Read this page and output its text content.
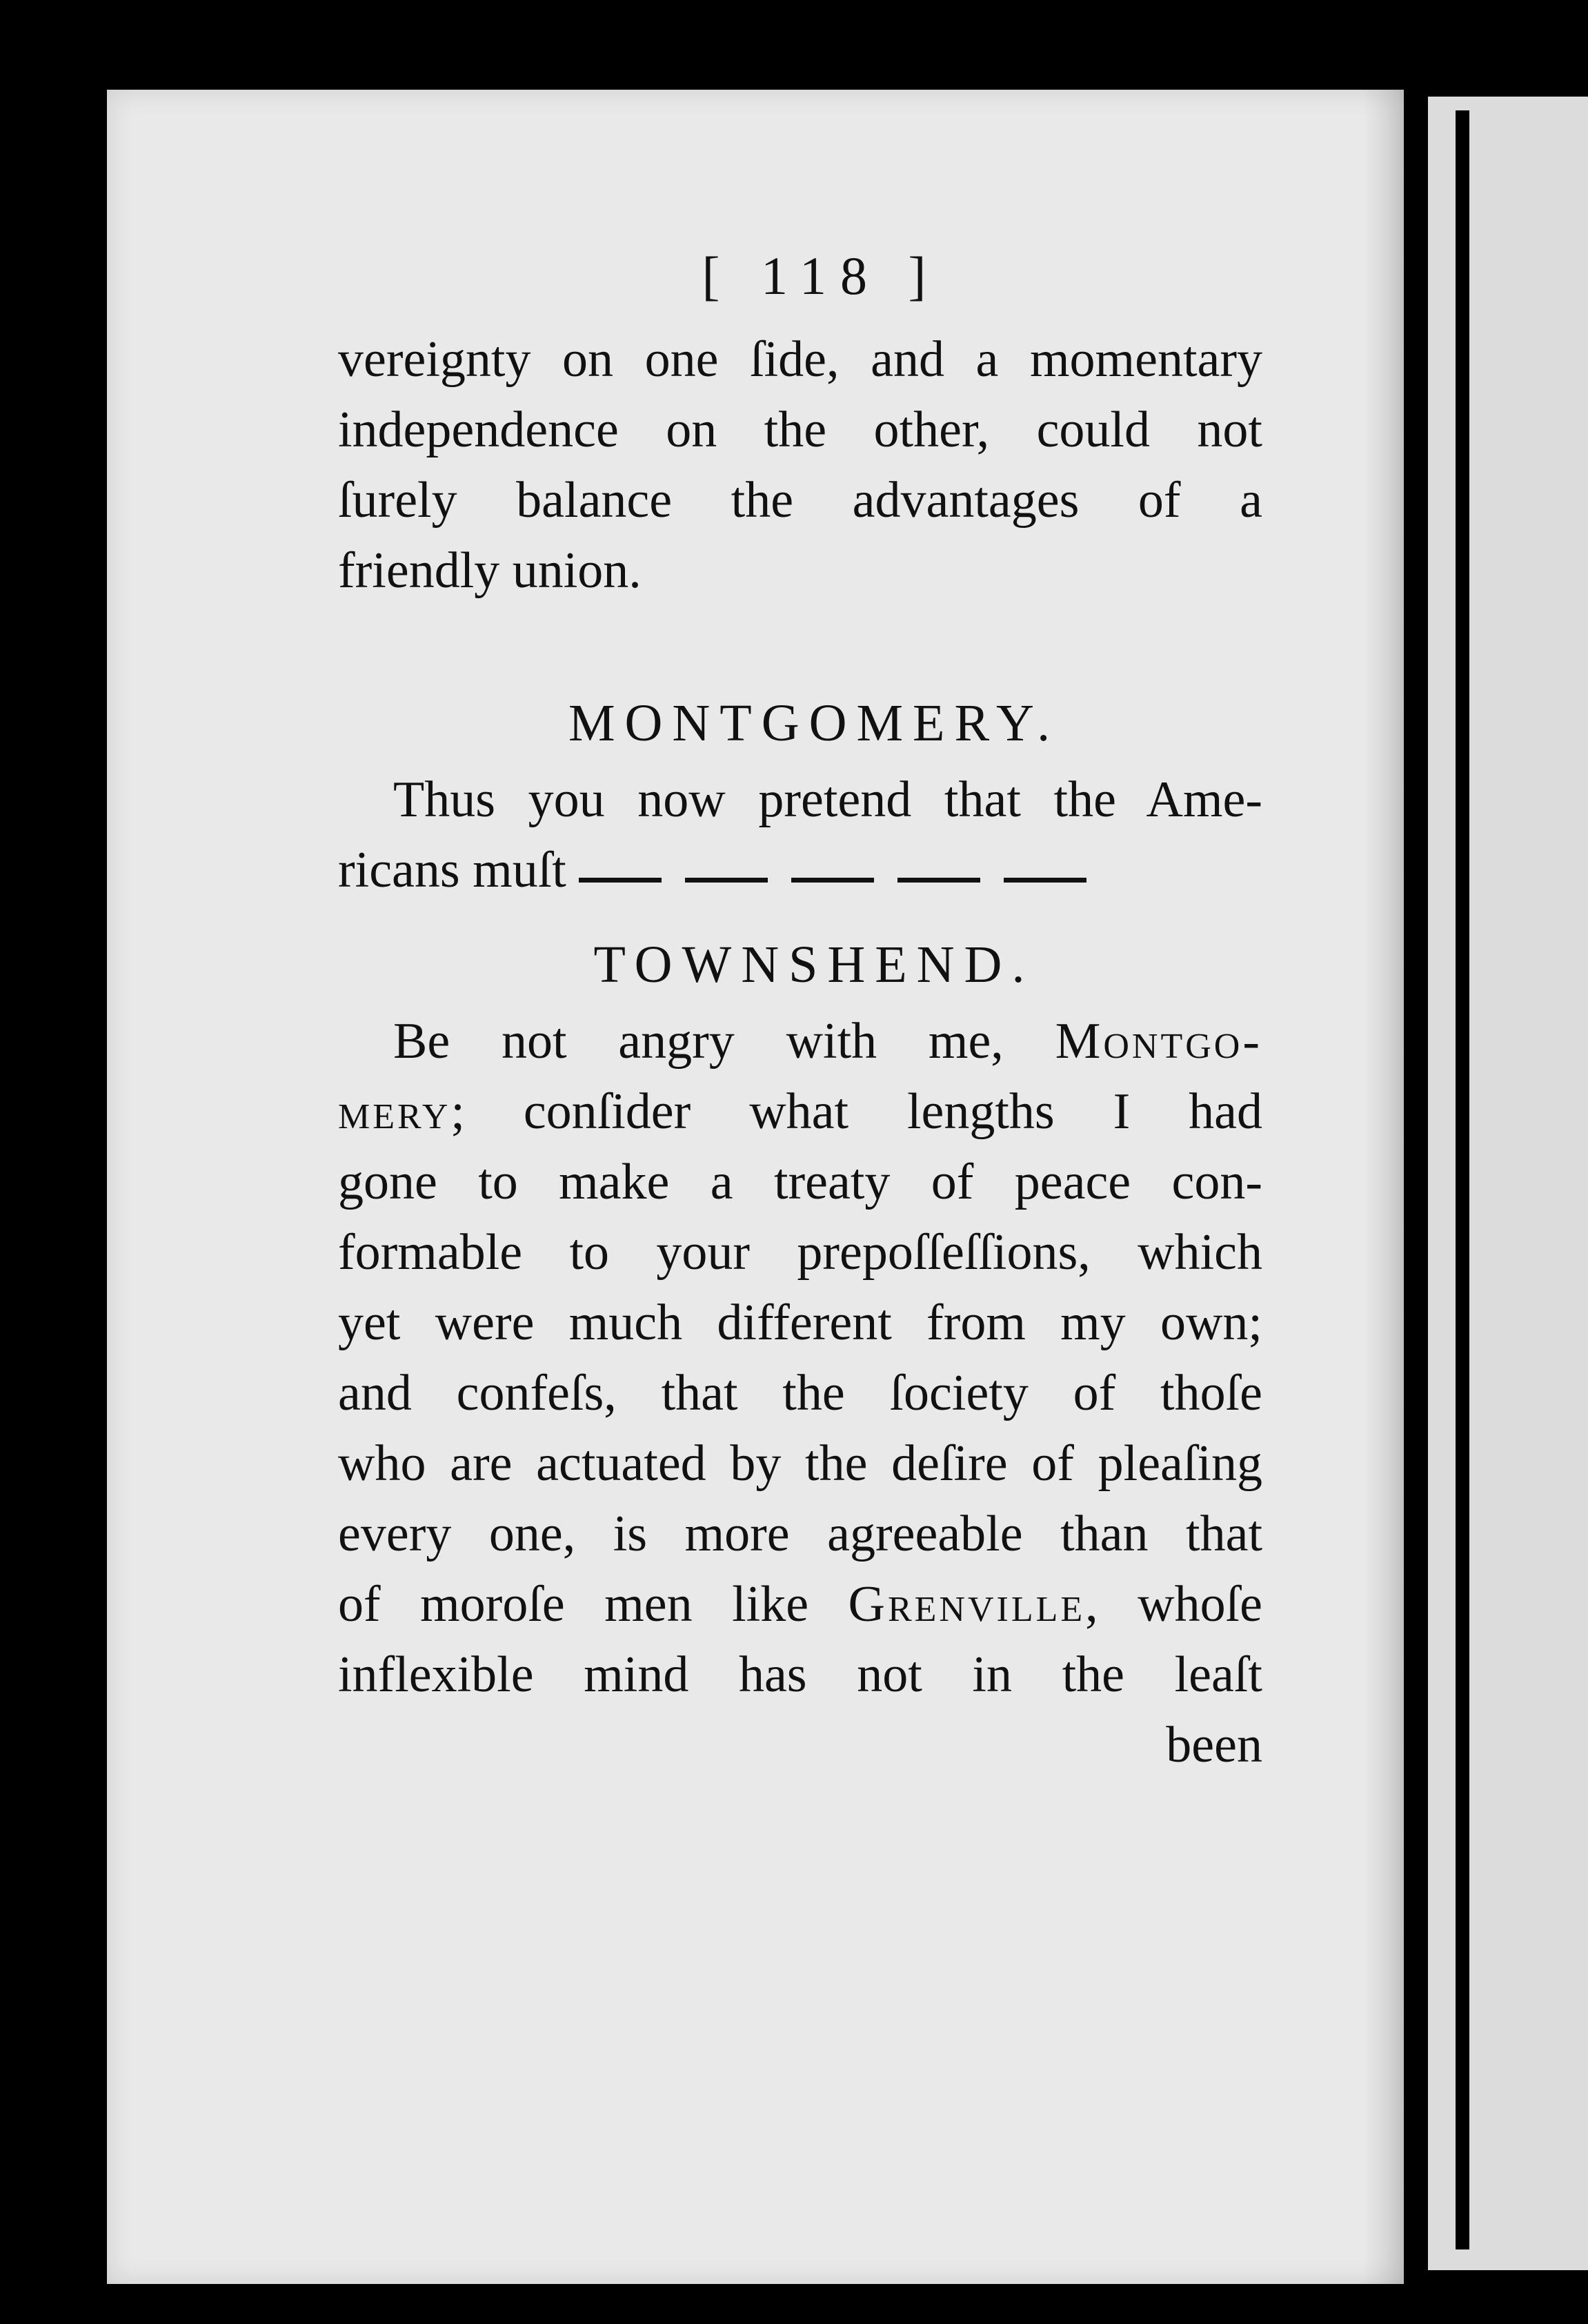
[ 118 ]
vereignty on one ſide, and a momentary
independence on the other, could not
ſurely balance the advantages of a
friendly union.
MONTGOMERY.
Thus you now pretend that the Ame-
ricans muſt
TOWNSHEND.
Be not angry with me, Montgo-
mery; conſider what lengths I had
gone to make a treaty of peace con-
formable to your prepoſſeſſions, which
yet were much different from my own;
and confeſs, that the ſociety of thoſe
who are actuated by the deſire of pleaſing
every one, is more agreeable than that
of moroſe men like Grenville, whoſe
inflexible mind has not in the leaſt
been
